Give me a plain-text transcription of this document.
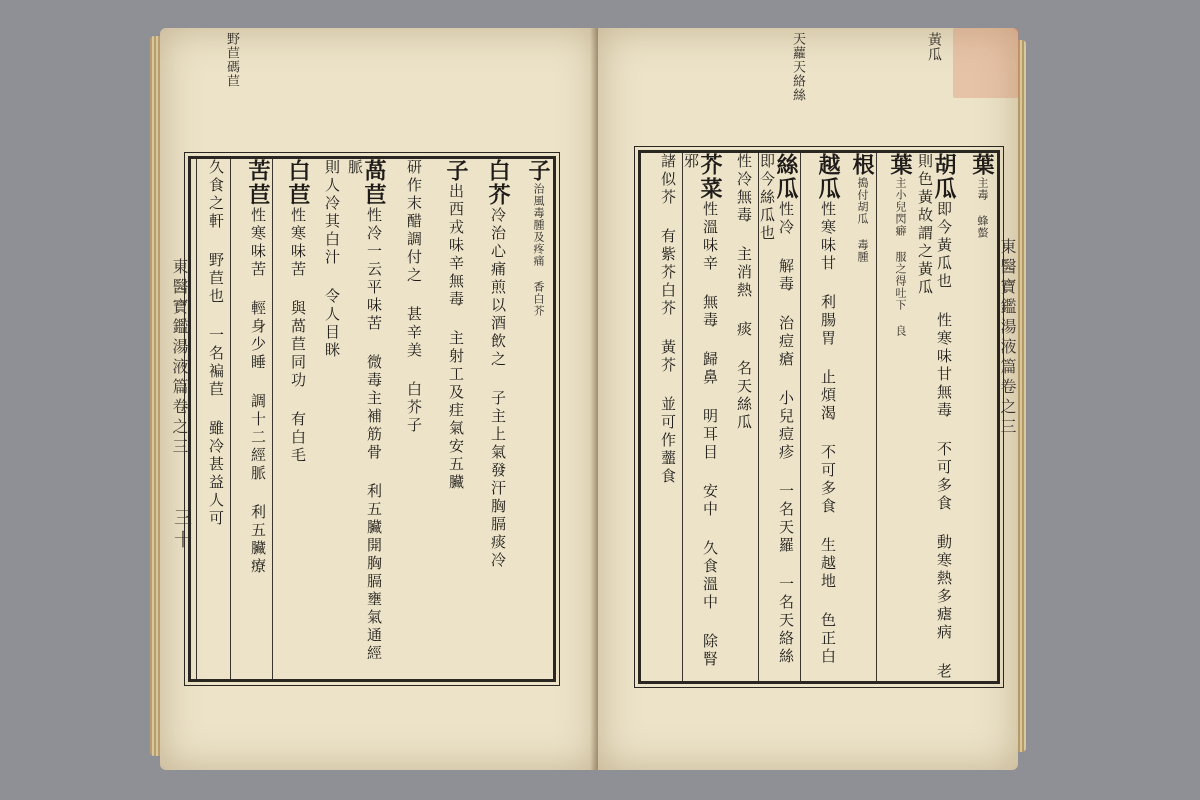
野苣碼苣
東醫寶鑑湯液篇卷之三
三十
子治風毒腫及疼痛 香白芥
白芥冷治心痛煎以酒飲之 子主上氣發汗胸膈痰冷
子出西戎味辛無毒 主射工及疰氣安五臟
研作末醋調付之 甚辛美 白芥子
萵苣性冷一云平味苦 微毒主補筋骨 利五臟開胸膈壅氣通經脈
則人冷其白汁 令人目眯
白苣性寒味苦 與萵苣同功 有白毛
苦苣性寒味苦 輕身少睡 調十二經脈 利五臟療
久食之軒 野苣也 一名褊苣 雖冷甚益人可
天蘿天絡絲	黃瓜
東醫寶鑑湯液篇卷之三
葉主毒 蜂螫
胡瓜即今黃瓜也 性寒味甘無毒 不可多食 動寒熱多瘧病 老則色黃故謂之黃瓜
葉主小兒閃癖 服之得吐下 良
根搗付胡瓜 毒腫
越瓜性寒味甘 利腸胃 止煩渴 不可多食 生越地 色正白
絲瓜性冷 解毒 治痘瘡 小兒痘疹 一名天羅 一名天絡絲 即今絲瓜也
性冷無毒 主消熱 痰 名天絲瓜
芥菜性溫味辛 無毒 歸鼻 明耳目 安中 久食溫中 除腎邪
諸似芥 有紫芥白芥 黃芥 並可作虀食
